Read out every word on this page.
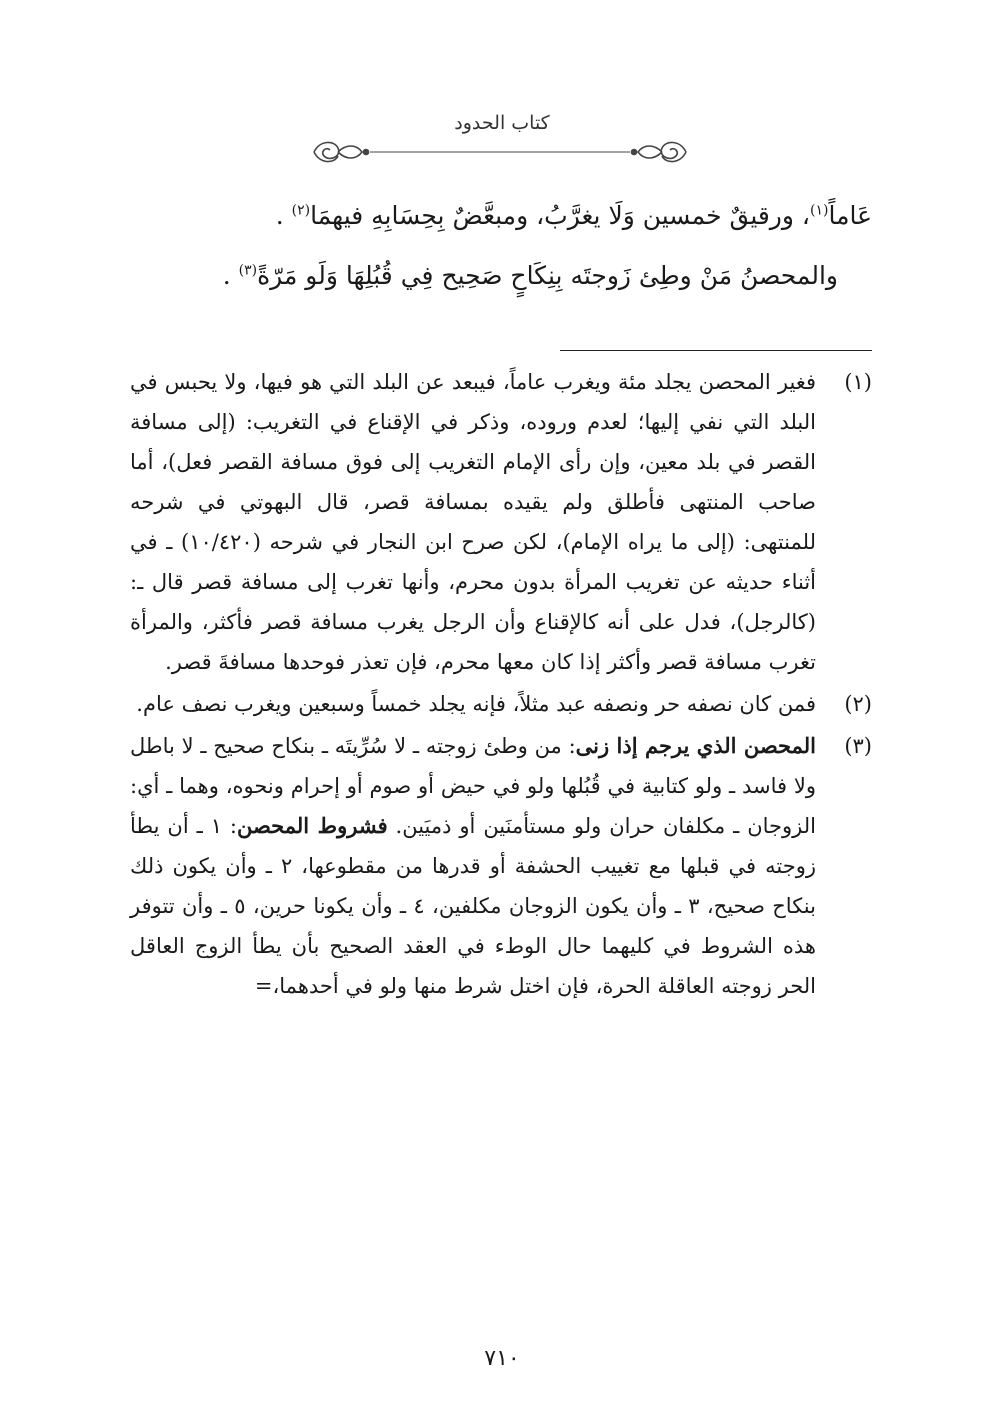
كتاب الحدود

عَاماً$^{(١)}$، ورقيقٌ خمسين وَلَا يغرَّبُ، ومبعَّضٌ بِحِسَابِهِ فيهمَا$^{(٢)}$ .

والمحصنُ مَنْ وطِئ زَوجتَه بِنِكَاحٍ صَحِيح فِي قُبُلِهَا وَلَو مَرّةً$^{(٣)}$ .

(١)

فغير المحصن يجلد مئة ويغرب عاماً، فيبعد عن البلد التي هو فيها، ولا يحبس في البلد التي نفي إليها؛ لعدم وروده، وذكر في الإقناع في التغريب: (إلى مسافة القصر في بلد معين، وإن رأى الإمام التغريب إلى فوق مسافة القصر فعل)، أما صاحب المنتهى فأطلق ولم يقيده بمسافة قصر، قال البهوتي في شرحه للمنتهى: (إلى ما يراه الإمام)، لكن صرح ابن النجار في شرحه (١٠/٤٢٠) ـ في أثناء حديثه عن تغريب المرأة بدون محرم، وأنها تغرب إلى مسافة قصر قال ـ: (كالرجل)، فدل على أنه كالإقناع وأن الرجل يغرب مسافة قصر فأكثر، والمرأة تغرب مسافة قصر وأكثر إذا كان معها محرم، فإن تعذر فوحدها مسافةَ قصر.

(٢)

فمن كان نصفه حر ونصفه عبد مثلاً، فإنه يجلد خمساً وسبعين ويغرب نصف عام.

(٣)

المحصن الذي يرجم إذا زنى: من وطئ زوجته ـ لا سُرِّيتَه ـ بنكاح صحيح ـ لا باطل ولا فاسد ـ ولو كتابية في قُبُلها ولو في حيض أو صوم أو إحرام ونحوه، وهما ـ أي: الزوجان ـ مكلفان حران ولو مستأمنَين أو ذميَين. فشروط المحصن: ١ ـ أن يطأ زوجته في قبلها مع تغييب الحشفة أو قدرها من مقطوعها، ٢ ـ وأن يكون ذلك بنكاح صحيح، ٣ ـ وأن يكون الزوجان مكلفين، ٤ ـ وأن يكونا حرين، ٥ ـ وأن تتوفر هذه الشروط في كليهما حال الوطء في العقد الصحيح بأن يطأ الزوج العاقل الحر زوجته العاقلة الحرة، فإن اختل شرط منها ولو في أحدهما،=

٧١٠
